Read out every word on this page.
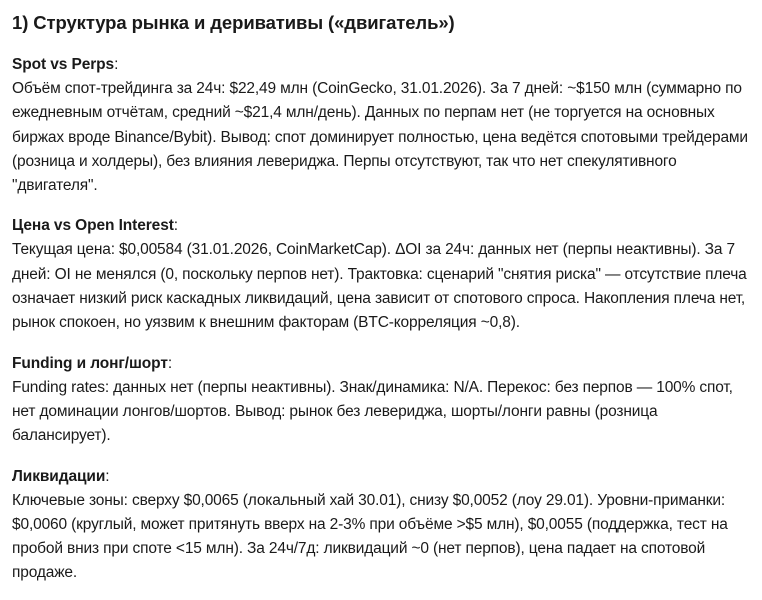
1) Структура рынка и деривативы («двигатель»)

Spot vs Perps:

Объём спот-трейдинга за 24ч: $22,49 млн (CoinGecko, 31.01.2026). За 7 дней: ~$150 млн (суммарно по ежедневным отчётам, средний ~$21,4 млн/день). Данных по перпам нет (не торгуется на основных биржах вроде Binance/Bybit). Вывод: спот доминирует полностью, цена ведётся спотовыми трейдерами (розница и холдеры), без влияния левериджа. Перпы отсутствуют, так что нет спекулятивного "двигателя".

Цена vs Open Interest:

Текущая цена: $0,00584 (31.01.2026, CoinMarketCap). ΔOI за 24ч: данных нет (перпы неактивны). За 7 дней: OI не менялся (0, поскольку перпов нет). Трактовка: сценарий "снятия риска" — отсутствие плеча означает низкий риск каскадных ликвидаций, цена зависит от спотового спроса. Накопления плеча нет, рынок спокоен, но уязвим к внешним факторам (BTC-корреляция ~0,8).

Funding и лонг/шорт:

Funding rates: данных нет (перпы неактивны). Знак/динамика: N/A. Перекос: без перпов — 100% спот, нет доминации лонгов/шортов. Вывод: рынок без левериджа, шорты/лонги равны (розница балансирует).

Ликвидации:

Ключевые зоны: сверху $0,0065 (локальный хай 30.01), снизу $0,0052 (лоу 29.01). Уровни-приманки: $0,0060 (круглый, может притянуть вверх на 2-3% при объёме >$5 млн), $0,0055 (поддержка, тест на пробой вниз при споте <15 млн). За 24ч/7д: ликвидаций ~0 (нет перпов), цена падает на спотовой продаже.
